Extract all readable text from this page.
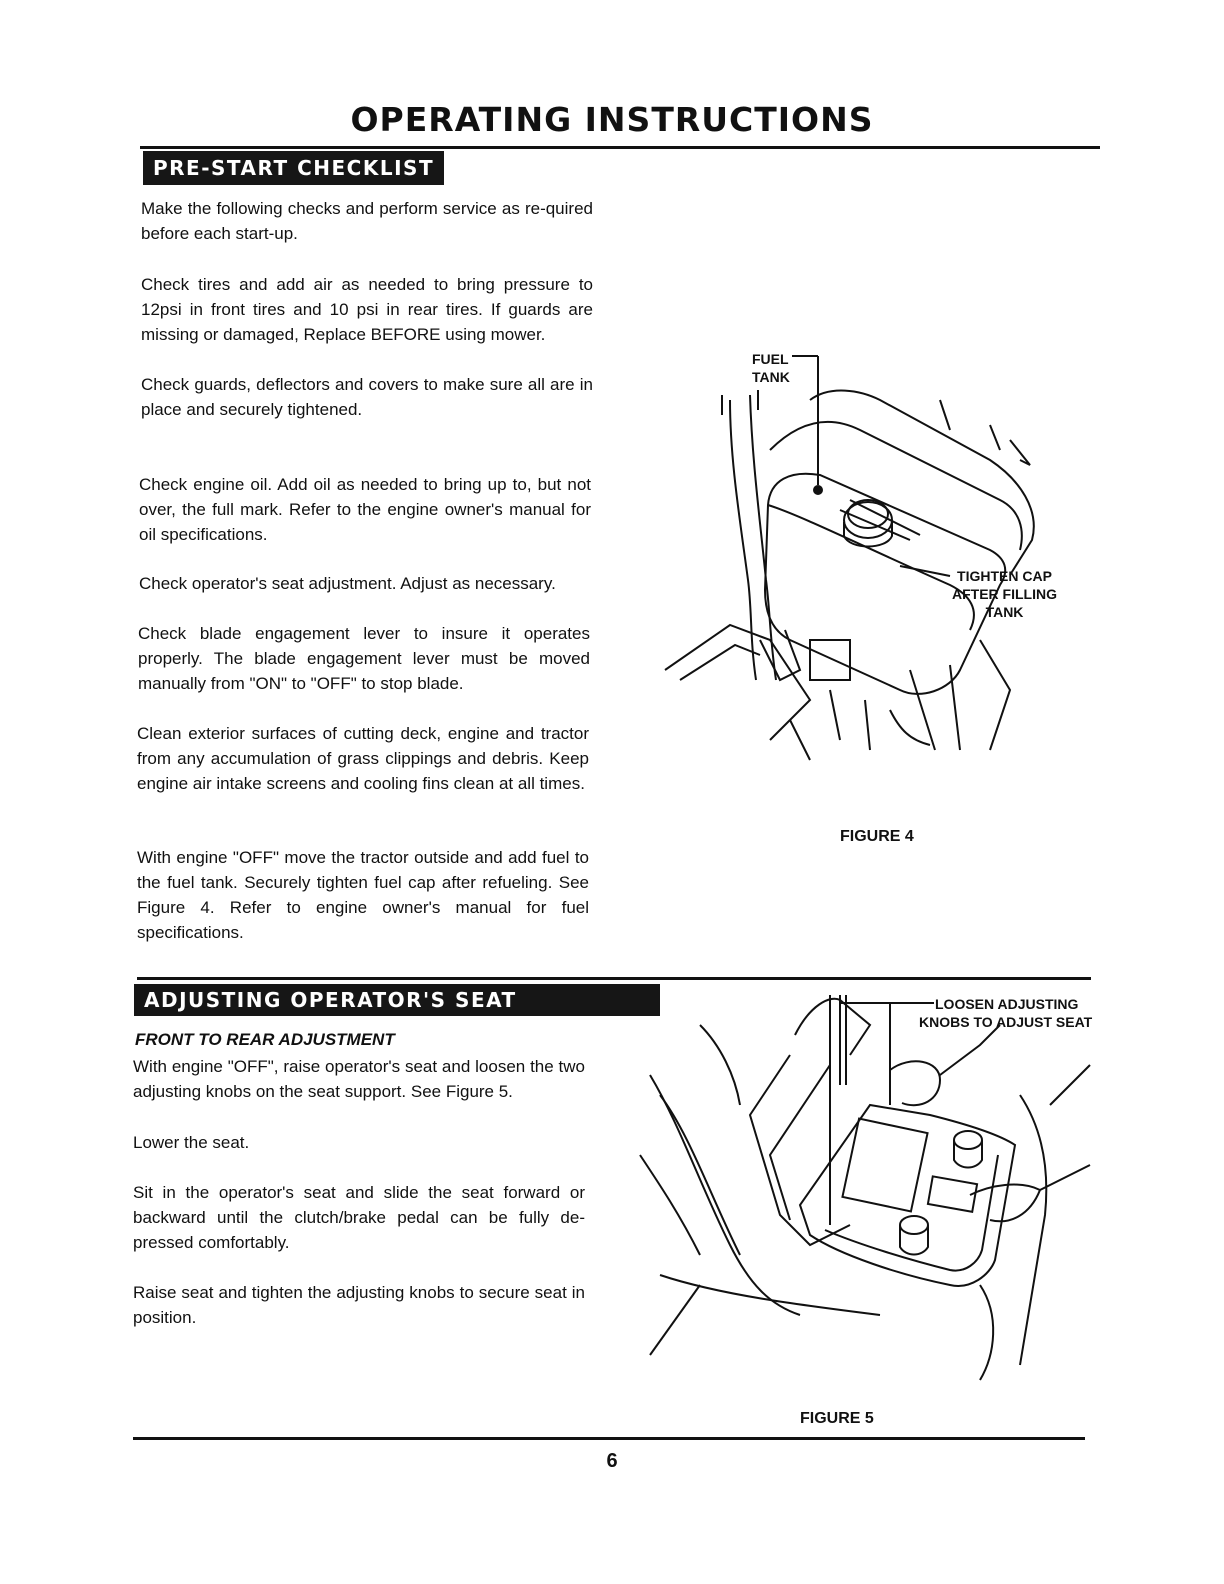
OPERATING INSTRUCTIONS
PRE-START CHECKLIST

Make the following checks and perform service as re-quired before each start-up.

Check tires and add air as needed to bring pressure to 12psi in front tires and 10 psi in rear tires. If guards are missing or damaged, Replace BEFORE using mower.

Check guards, deflectors and covers to make sure all are in place and securely tightened.

Check engine oil. Add oil as needed to bring up to, but not over, the full mark. Refer to the engine owner's manual for oil specifications.

Check operator's seat adjustment. Adjust as necessary.

Check blade engagement lever to insure it operates properly. The blade engagement lever must be moved manually from "ON" to "OFF" to stop blade.

Clean exterior surfaces of cutting deck, engine and tractor from any accumulation of grass clippings and debris. Keep engine air intake screens and cooling fins clean at all times.

With engine "OFF" move the tractor outside and add fuel to the fuel tank. Securely tighten fuel cap after refueling. See Figure 4. Refer to engine owner's manual for fuel specifications.

FUEL
TANK
TIGHTEN CAP
AFTER FILLING
TANK
FIGURE 4
ADJUSTING OPERATOR'S SEAT

FRONT TO REAR ADJUSTMENT

With engine "OFF", raise operator's seat and loosen the two adjusting knobs on the seat support. See Figure 5.

Lower the seat.

Sit in the operator's seat and slide the seat forward or backward until the clutch/brake pedal can be fully de-pressed comfortably.

Raise seat and tighten the adjusting knobs to secure seat in position.

LOOSEN ADJUSTING
KNOBS TO ADJUST SEAT
FIGURE 5
6
